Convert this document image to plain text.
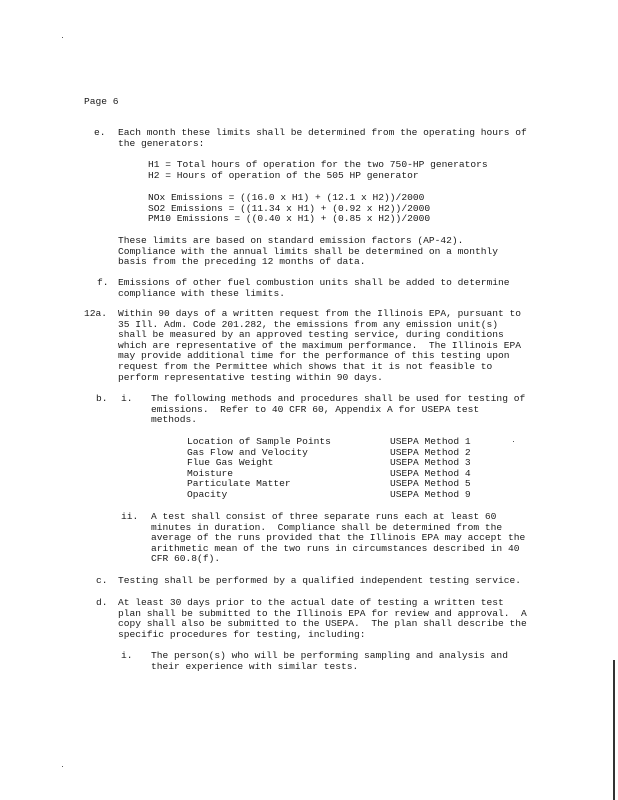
Page 6
e. Each month these limits shall be determined from the operating hours of
the generators:
H1 = Total hours of operation for the two 750-HP generators
H2 = Hours of operation of the 505 HP generator
NOx Emissions = ((16.0 x H1) + (12.1 x H2))/2000
SO2 Emissions = ((11.34 x H1) + (0.92 x H2))/2000
PM10 Emissions = ((0.40 x H1) + (0.85 x H2))/2000
These limits are based on standard emission factors (AP-42).
Compliance with the annual limits shall be determined on a monthly
basis from the preceding 12 months of data.
f. Emissions of other fuel combustion units shall be added to determine
compliance with these limits.
12a. Within 90 days of a written request from the Illinois EPA, pursuant to
35 Ill. Adm. Code 201.282, the emissions from any emission unit(s)
shall be measured by an approved testing service, during conditions
which are representative of the maximum performance.  The Illinois EPA
may provide additional time for the performance of this testing upon
request from the Permittee which shows that it is not feasible to
perform representative testing within 90 days.
b. i. The following methods and procedures shall be used for testing of
emissions.  Refer to 40 CFR 60, Appendix A for USEPA test
methods.
Location of Sample Points	USEPA Method 1
Gas Flow and Velocity	USEPA Method 2
Flue Gas Weight	USEPA Method 3
Moisture	USEPA Method 4
Particulate Matter	USEPA Method 5
Opacity	USEPA Method 9
ii. A test shall consist of three separate runs each at least 60
minutes in duration.  Compliance shall be determined from the
average of the runs provided that the Illinois EPA may accept the
arithmetic mean of the two runs in circumstances described in 40
CFR 60.8(f).
c. Testing shall be performed by a qualified independent testing service.
d. At least 30 days prior to the actual date of testing a written test
plan shall be submitted to the Illinois EPA for review and approval.  A
copy shall also be submitted to the USEPA.  The plan shall describe the
specific procedures for testing, including:
i. The person(s) who will be performing sampling and analysis and
their experience with similar tests.
